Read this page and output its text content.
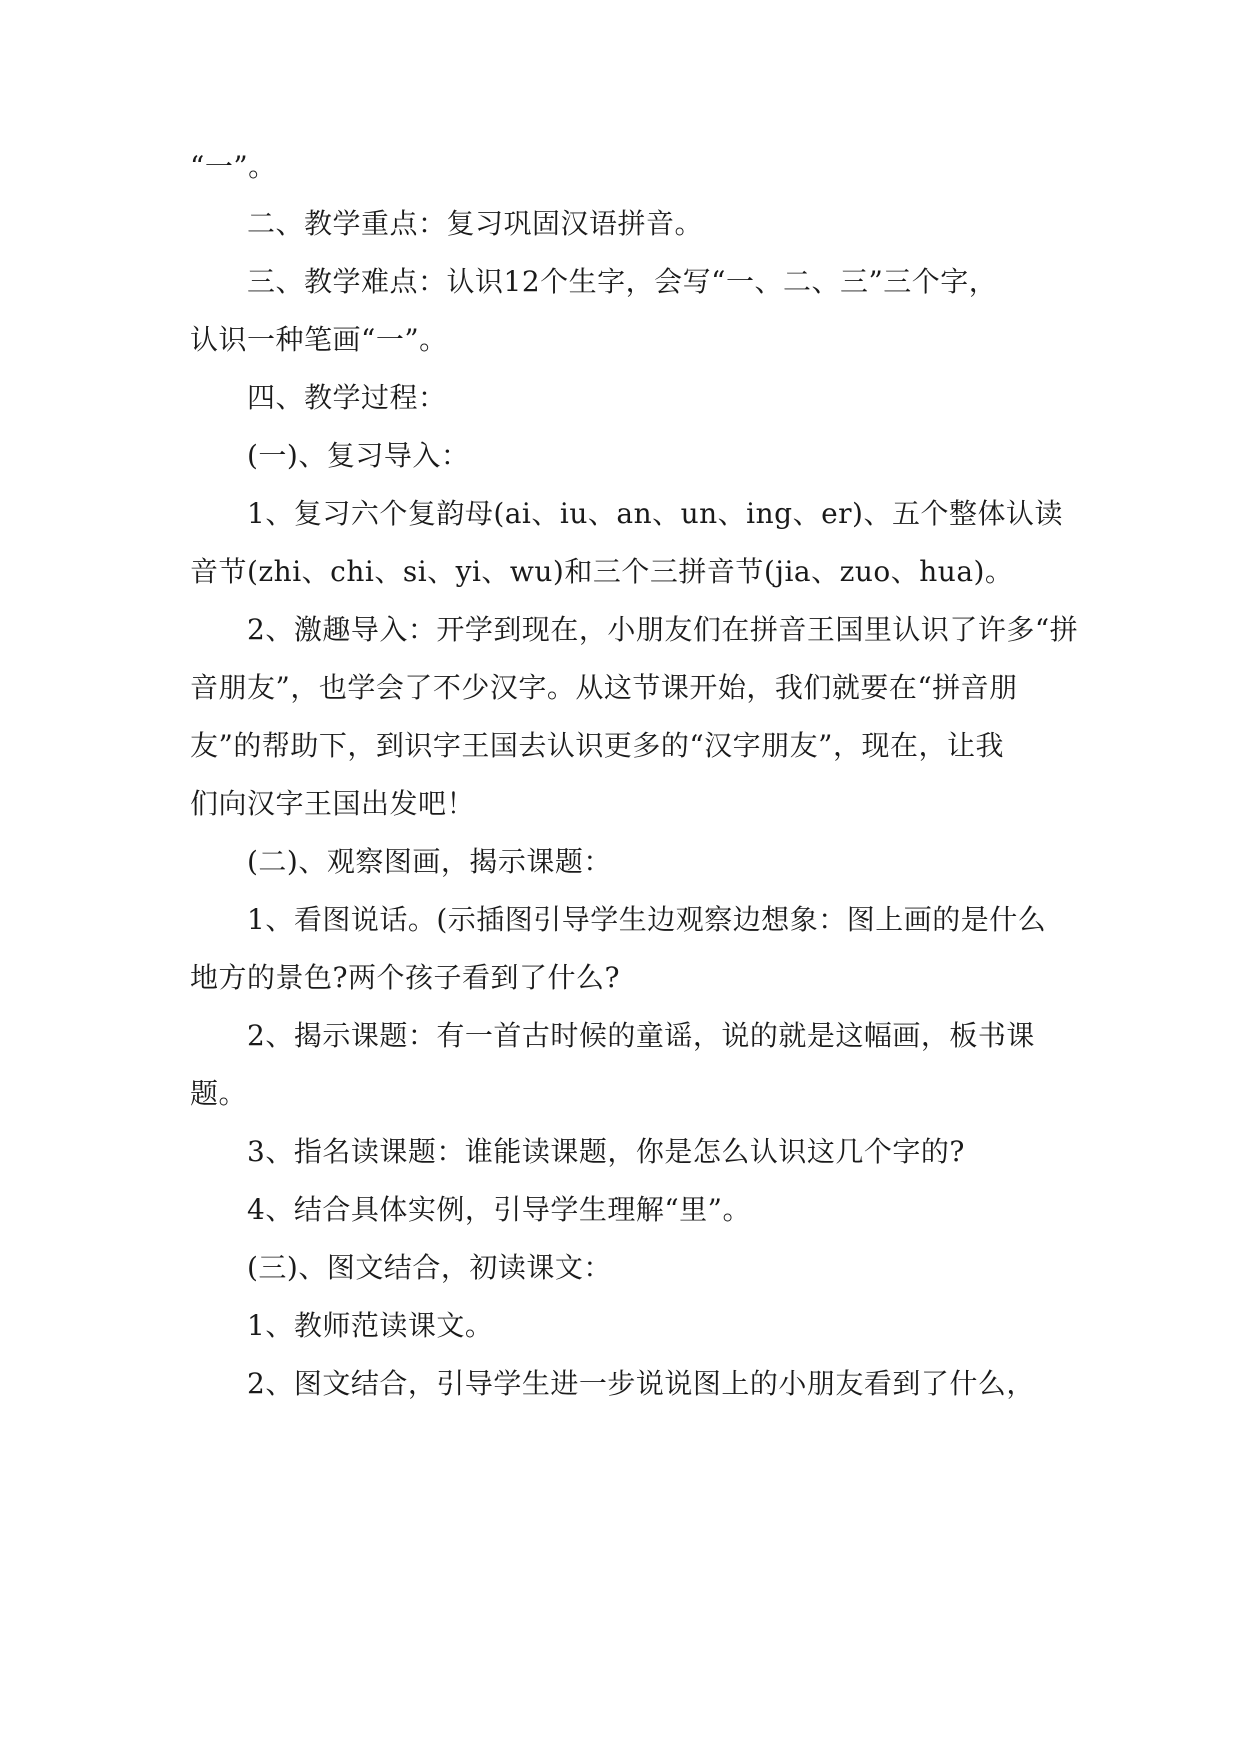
“一”。
二、教学重点：复习巩固汉语拼音。
三、教学难点：认识12个生字，会写“一、二、三”三个字，
认识一种笔画“一”。
四、教学过程：
(一)、复习导入：
1、复习六个复韵母(ai、iu、an、un、ing、er)、五个整体认读
音节(zhi、chi、si、yi、wu)和三个三拼音节(jia、zuo、hua)。
2、激趣导入：开学到现在，小朋友们在拼音王国里认识了许多“拼
音朋友”，也学会了不少汉字。从这节课开始，我们就要在“拼音朋
友”的帮助下，到识字王国去认识更多的“汉字朋友”，现在，让我
们向汉字王国出发吧！
(二)、观察图画，揭示课题：
1、看图说话。(示插图引导学生边观察边想象：图上画的是什么
地方的景色?两个孩子看到了什么?
2、揭示课题：有一首古时候的童谣，说的就是这幅画，板书课
题。
3、指名读课题：谁能读课题，你是怎么认识这几个字的?
4、结合具体实例，引导学生理解“里”。
(三)、图文结合，初读课文：
1、教师范读课文。
2、图文结合，引导学生进一步说说图上的小朋友看到了什么，
